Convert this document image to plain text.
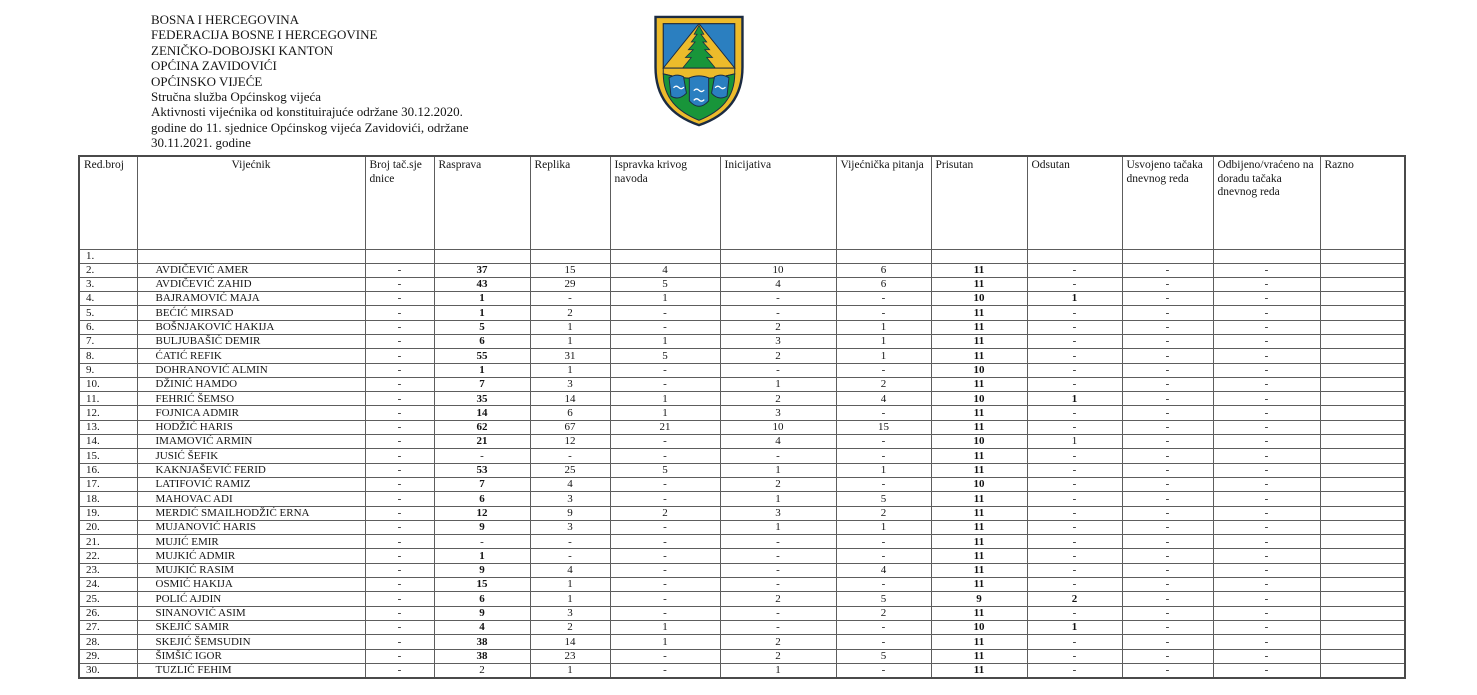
BOSNA I HERCEGOVINA
FEDERACIJA BOSNE I HERCEGOVINE
ZENIČKO-DOBOJSKI KANTON
OPĆINA ZAVIDOVIĆI
OPĆINSKO VIJEĆE
Stručna služba Općinskog vijeća
Aktivnosti vijećnika od konstituirajuće održane 30.12.2020.
godine do 11. sjednice Općinskog vijeća Zavidovići, održane
30.11.2021. godine
Red.broj	Vijećnik	Broj tač.sje dnice	Rasprava	Replika	Ispravka krivog navoda	Inicijativa	Vijećnička pitanja	Prisutan	Odsutan	Usvojeno tačaka dnevnog reda	Odbijeno/vraćeno na doradu tačaka dnevnog reda	Razno
1.												
2.	AVDIČEVIĆ AMER	-	37	15	4	10	6	11	-	-	-	
3.	AVDIČEVIĆ ZAHID	-	43	29	5	4	6	11	-	-	-	
4.	BAJRAMOVIĆ MAJA	-	1	-	1	-	-	10	1	-	-	
5.	BEĆIĆ MIRSAD	-	1	2	-	-	-	11	-	-	-	
6.	BOŠNJAKOVIĆ HAKIJA	-	5	1	-	2	1	11	-	-	-	
7.	BULJUBAŠIĆ DEMIR	-	6	1	1	3	1	11	-	-	-	
8.	ĆATIĆ REFIK	-	55	31	5	2	1	11	-	-	-	
9.	DOHRANOVIĆ ALMIN	-	1	1	-	-	-	10	-	-	-	
10.	DŽINIĆ HAMDO	-	7	3	-	1	2	11	-	-	-	
11.	FEHRIĆ ŠEMSO	-	35	14	1	2	4	10	1	-	-	
12.	FOJNICA ADMIR	-	14	6	1	3	-	11	-	-	-	
13.	HODŽIĆ HARIS	-	62	67	21	10	15	11	-	-	-	
14.	IMAMOVIĆ ARMIN	-	21	12	-	4	-	10	1	-	-	
15.	JUSIĆ ŠEFIK	-	-	-	-	-	-	11	-	-	-	
16.	KAKNJAŠEVIĆ FERID	-	53	25	5	1	1	11	-	-	-	
17.	LATIFOVIĆ RAMIZ	-	7	4	-	2	-	10	-	-	-	
18.	MAHOVAC ADI	-	6	3	-	1	5	11	-	-	-	
19.	MERDIĆ SMAILHODŽIĆ ERNA	-	12	9	2	3	2	11	-	-	-	
20.	MUJANOVIĆ HARIS	-	9	3	-	1	1	11	-	-	-	
21.	MUJIĆ EMIR	-	-	-	-	-	-	11	-	-	-	
22.	MUJKIĆ ADMIR	-	1	-	-	-	-	11	-	-	-	
23.	MUJKIĆ RASIM	-	9	4	-	-	4	11	-	-	-	
24.	OSMIĆ HAKIJA	-	15	1	-	-	-	11	-	-	-	
25.	POLIĆ AJDIN	-	6	1	-	2	5	9	2	-	-	
26.	SINANOVIĆ ASIM	-	9	3	-	-	2	11	-	-	-	
27.	SKEJIĆ SAMIR	-	4	2	1	-	-	10	1	-	-	
28.	SKEJIĆ ŠEMSUDIN	-	38	14	1	2	-	11	-	-	-	
29.	ŠIMŠIĆ IGOR	-	38	23	-	2	5	11	-	-	-	
30.	TUZLIĆ FEHIM	-	2	1	-	1	-	11	-	-	-	
